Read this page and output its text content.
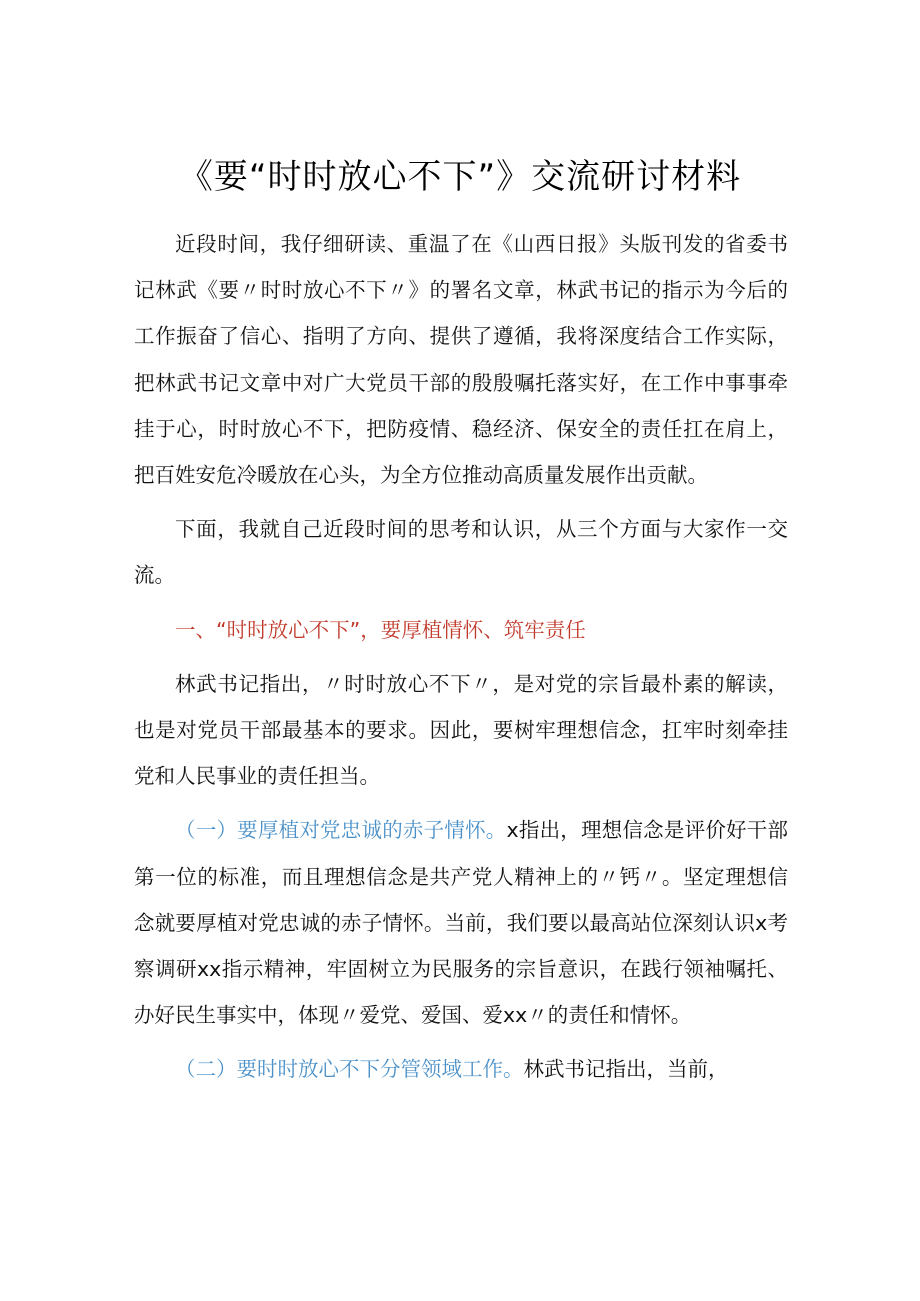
《要“时时放心不下”》交流研讨材料

近段时间，我仔细研读、重温了在《山西日报》头版刊发的省委书记林武《要〃时时放心不下〃》的署名文章，林武书记的指示为今后的工作振奋了信心、指明了方向、提供了遵循，我将深度结合工作实际，把林武书记文章中对广大党员干部的殷殷嘱托落实好，在工作中事事牵挂于心，时时放心不下，把防疫情、稳经济、保安全的责任扛在肩上，把百姓安危冷暖放在心头，为全方位推动高质量发展作出贡献。

下面，我就自己近段时间的思考和认识，从三个方面与大家作一交流。

一、“时时放心不下”，要厚植情怀、筑牢责任

林武书记指出，〃时时放心不下〃，是对党的宗旨最朴素的解读，也是对党员干部最基本的要求。因此，要树牢理想信念，扛牢时刻牵挂党和人民事业的责任担当。

（一）要厚植对党忠诚的赤子情怀。x指出，理想信念是评价好干部第一位的标准，而且理想信念是共产党人精神上的〃钙〃。坚定理想信念就要厚植对党忠诚的赤子情怀。当前，我们要以最高站位深刻认识x考察调研xx指示精神，牢固树立为民服务的宗旨意识，在践行领袖嘱托、办好民生事实中，体现〃爱党、爱国、爱xx〃的责任和情怀。

（二）要时时放心不下分管领域工作。林武书记指出，当前，
